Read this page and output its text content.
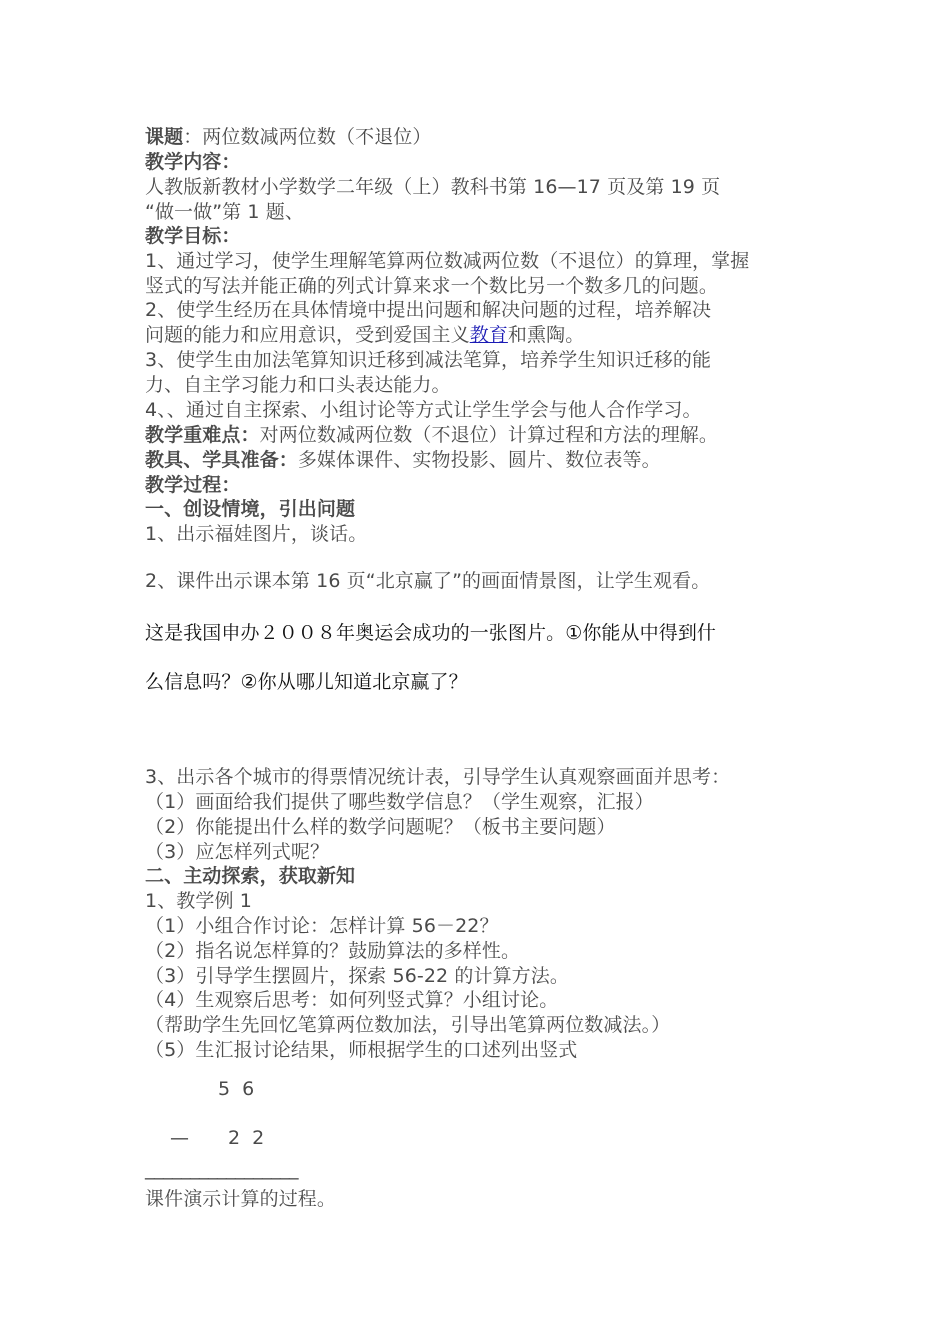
课题：两位数减两位数（不退位）
教学内容：
人教版新教材小学数学二年级（上）教科书第 16—17 页及第 19 页
“做一做”第 1 题、
教学目标：
1、通过学习，使学生理解笔算两位数减两位数（不退位）的算理，掌握
竖式的写法并能正确的列式计算来求一个数比另一个数多几的问题。
2、使学生经历在具体情境中提出问题和解决问题的过程，培养解决
问题的能力和应用意识，受到爱国主义教育和熏陶。
3、使学生由加法笔算知识迁移到减法笔算，培养学生知识迁移的能
力、自主学习能力和口头表达能力。
4、、通过自主探索、小组讨论等方式让学生学会与他人合作学习。
教学重难点：对两位数减两位数（不退位）计算过程和方法的理解。
教具、学具准备：多媒体课件、实物投影、圆片、数位表等。
教学过程：
一、创设情境，引出问题
1、出示福娃图片，谈话。
2、课件出示课本第 16 页“北京赢了”的画面情景图，让学生观看。
这是我国申办２００８年奥运会成功的一张图片。①你能从中得到什
么信息吗？②你从哪儿知道北京赢了？
3、出示各个城市的得票情况统计表，引导学生认真观察画面并思考：
（1）画面给我们提供了哪些数学信息？（学生观察，汇报）
（2）你能提出什么样的数学问题呢？（板书主要问题）
（3）应怎样列式呢？
二、主动探索，获取新知
1、教学例 1
（1）小组合作讨论：怎样计算 56－22？
（2）指名说怎样算的？鼓励算法的多样性。
（3）引导学生摆圆片，探索 56-22 的计算方法。
（4）生观察后思考：如何列竖式算？小组讨论。
（帮助学生先回忆笔算两位数加法，引导出笔算两位数减法。）
（5）生汇报讨论结果，师根据学生的口述列出竖式
5 6
— 2 2
_________________
课件演示计算的过程。
